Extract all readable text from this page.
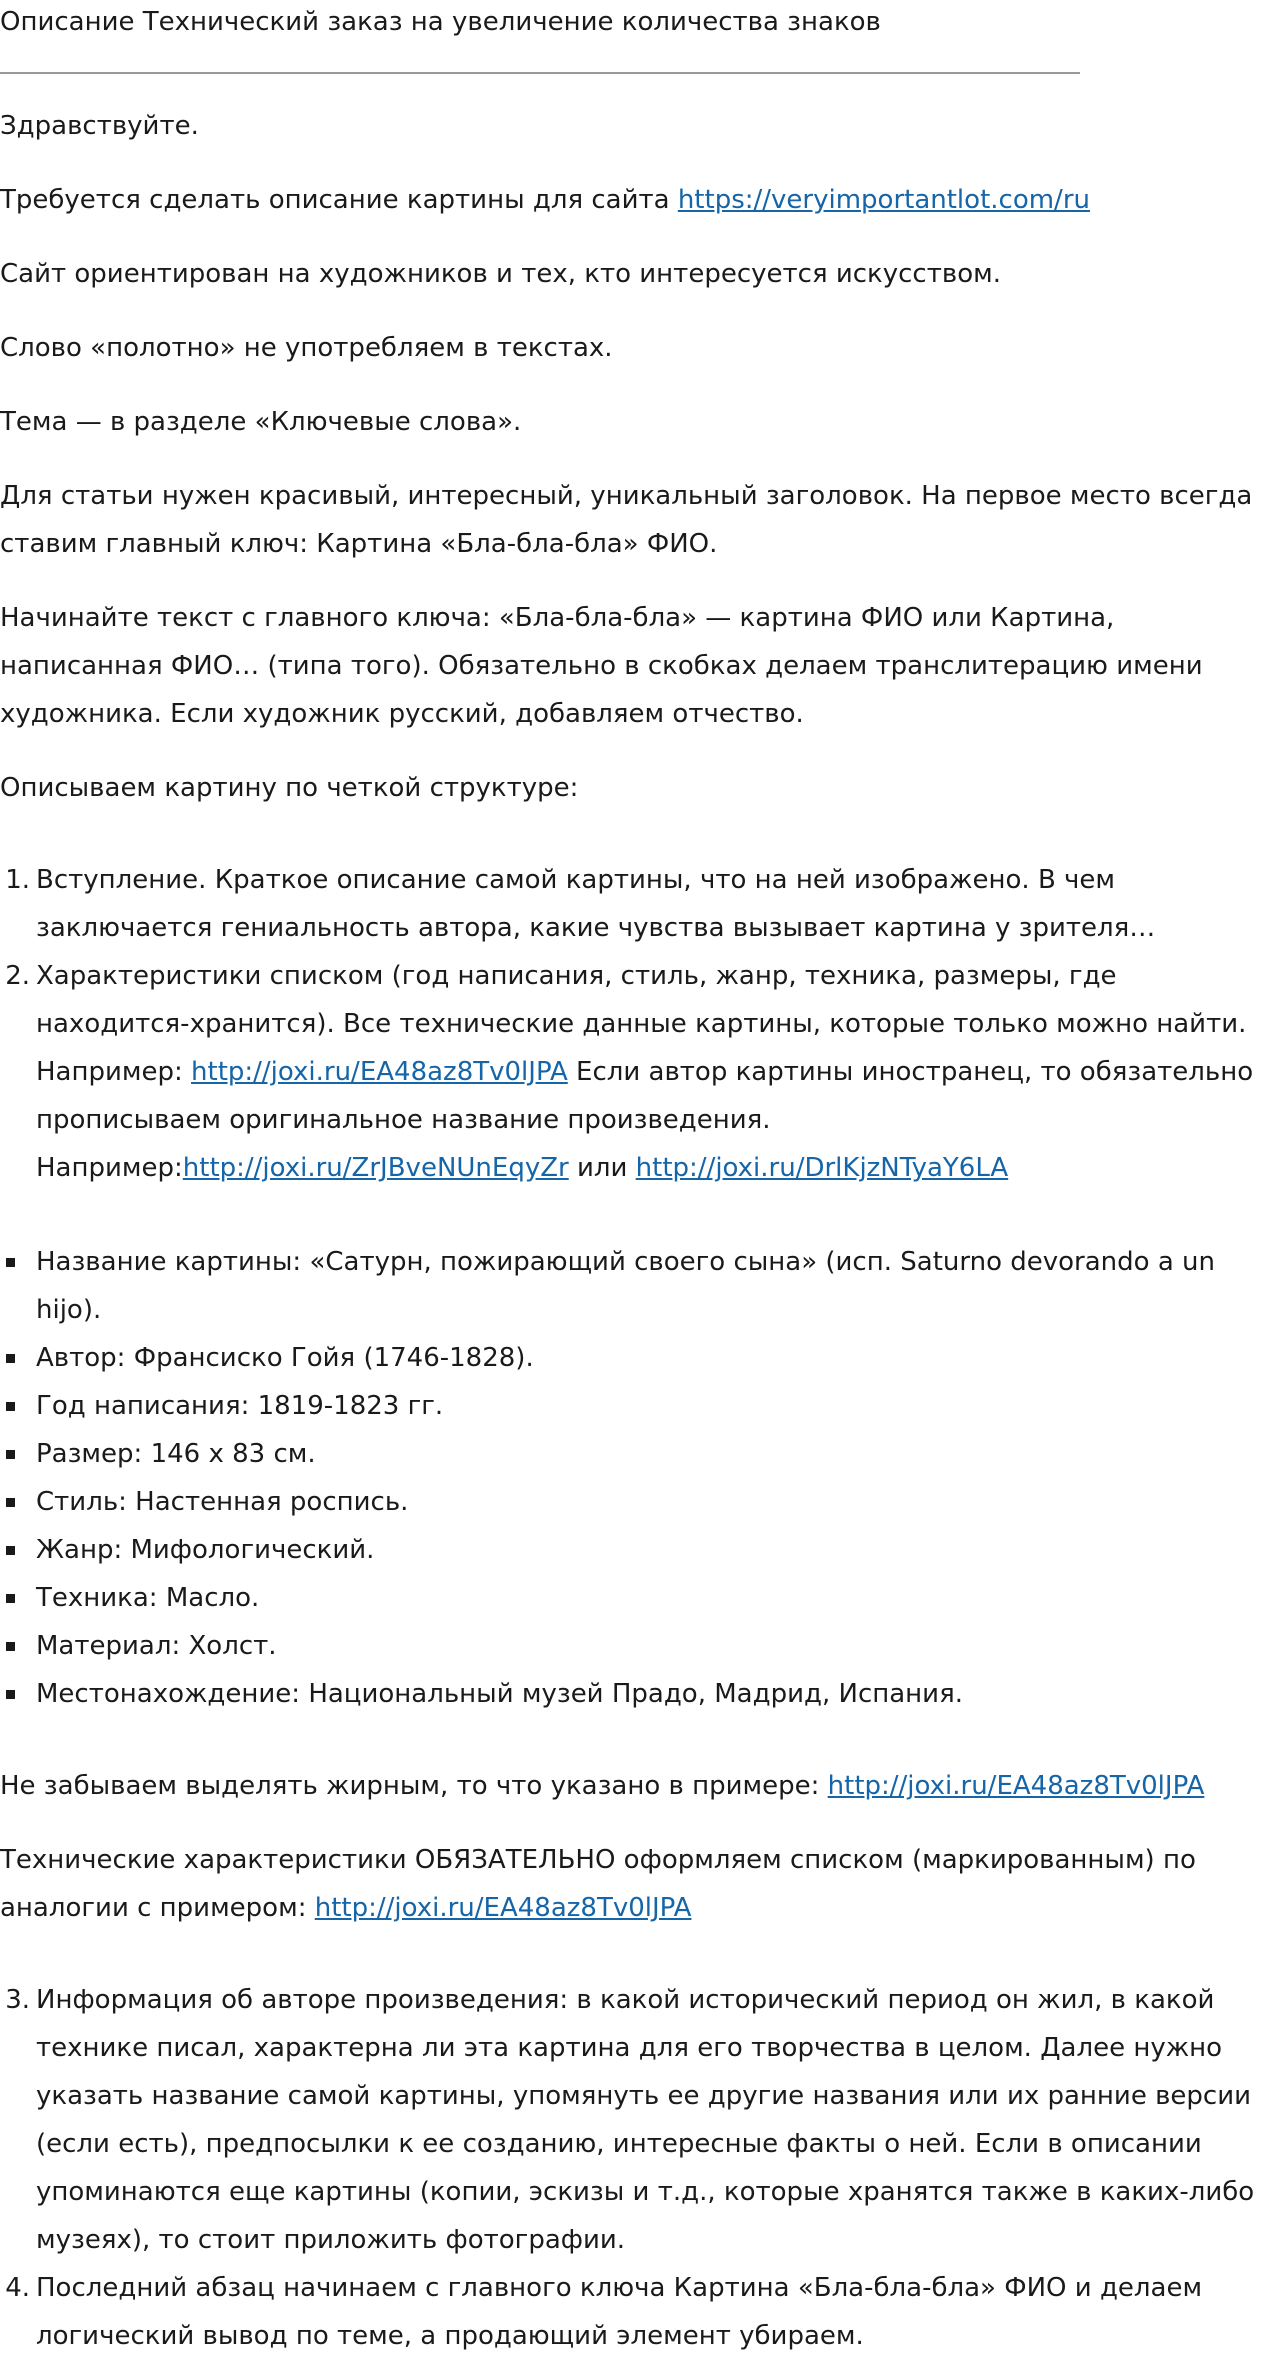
Описание Технический заказ на увеличение количества знаков

Здравствуйте.

Требуется сделать описание картины для сайта https://veryimportantlot.com/ru

Сайт ориентирован на художников и тех, кто интересуется искусством.

Слово «полотно» не употребляем в текстах.

Тема — в разделе «Ключевые слова».

Для статьи нужен красивый, интересный, уникальный заголовок. На первое место всегда ставим главный ключ: Картина «Бла-бла-бла» ФИО.

Начинайте текст с главного ключа: «Бла-бла-бла» — картина ФИО или Картина, написанная ФИО… (типа того). Обязательно в скобках делаем транслитерацию имени художника. Если художник русский, добавляем отчество.

Описываем картину по четкой структуре:

1. Вступление. Краткое описание самой картины, что на ней изображено. В чем заключается гениальность автора, какие чувства вызывает картина у зрителя…
2. Характеристики списком (год написания, стиль, жанр, техника, размеры, где находится-хранится). Все технические данные картины, которые только можно найти. Например: http://joxi.ru/EA48az8Tv0lJPA Если автор картины иностранец, то обязательно прописываем оригинальное название произведения. Например:http://joxi.ru/ZrJBveNUnEqyZr или http://joxi.ru/DrlKjzNTyaY6LA
Название картины: «Сатурн, пожирающий своего сына» (исп. Saturno devorando a un hijo).
Автор: Франсиско Гойя (1746-1828).
Год написания: 1819-1823 гг.
Размер: 146 x 83 см.
Стиль: Настенная роспись.
Жанр: Мифологический.
Техника: Масло.
Материал: Холст.
Местонахождение: Национальный музей Прадо, Мадрид, Испания.

Не забываем выделять жирным, то что указано в примере: http://joxi.ru/EA48az8Tv0lJPA

Технические характеристики ОБЯЗАТЕЛЬНО оформляем списком (маркированным) по аналогии с примером: http://joxi.ru/EA48az8Tv0lJPA

3. Информация об авторе произведения: в какой исторический период он жил, в какой технике писал, характерна ли эта картина для его творчества в целом. Далее нужно указать название самой картины, упомянуть ее другие названия или их ранние версии (если есть), предпосылки к ее созданию, интересные факты о ней. Если в описании упоминаются еще картины (копии, эскизы и т.д., которые хранятся также в каких-либо музеях), то стоит приложить фотографии.
4. Последний абзац начинаем с главного ключа Картина «Бла-бла-бла» ФИО и делаем логический вывод по теме, а продающий элемент убираем.
